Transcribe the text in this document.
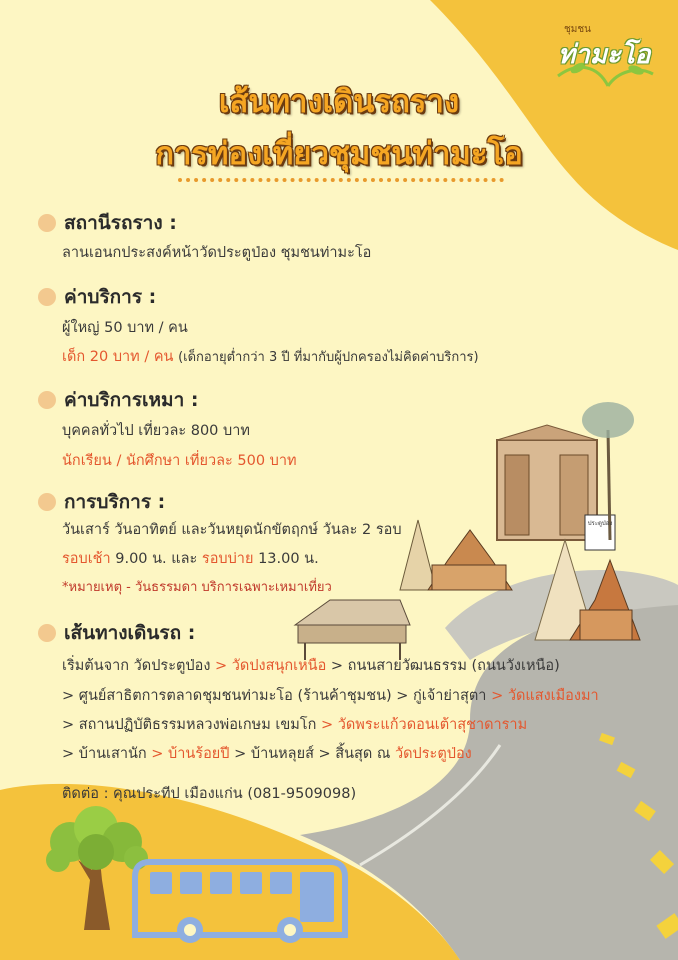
ชุมชน
ท่ามะโอ
เส้นทางเดินรถราง
การท่องเที่ยวชุมชนท่ามะโอ
สถานีรถราง :
ลานเอนกประสงค์หน้าวัดประตูป่อง ชุมชนท่ามะโอ
ค่าบริการ :
ผู้ใหญ่ 50 บาท / คน
เด็ก 20 บาท / คน (เด็กอายุต่ำกว่า 3 ปี ที่มากับผู้ปกครองไม่คิดค่าบริการ)
ค่าบริการเหมา :
บุคคลทั่วไป เที่ยวละ 800 บาท
นักเรียน / นักศึกษา เที่ยวละ 500 บาท
การบริการ :
วันเสาร์ วันอาทิตย์ และวันหยุดนักขัตฤกษ์ วันละ 2 รอบ
รอบเช้า 9.00 น. และ รอบบ่าย 13.00 น.
*หมายเหตุ - วันธรรมดา บริการเฉพาะเหมาเที่ยว
เส้นทางเดินรถ :
เริ่มต้นจาก วัดประตูป่อง > วัดปงสนุกเหนือ > ถนนสายวัฒนธรรม (ถนนวังเหนือ)
> ศูนย์สาธิตการตลาดชุมชนท่ามะโอ (ร้านค้าชุมชน) > กู่เจ้าย่าสุตา > วัดแสงเมืองมา
> สถานปฏิบัติธรรมหลวงพ่อเกษม เขมโก > วัดพระแก้วดอนเต้าสุชาดาราม
> บ้านเสานัก > บ้านร้อยปี > บ้านหลุยส์ > สิ้นสุด ณ วัดประตูป่อง
ติดต่อ : คุณประทีป เมืองแก่น (081-9509098)
ประตูป่อง
